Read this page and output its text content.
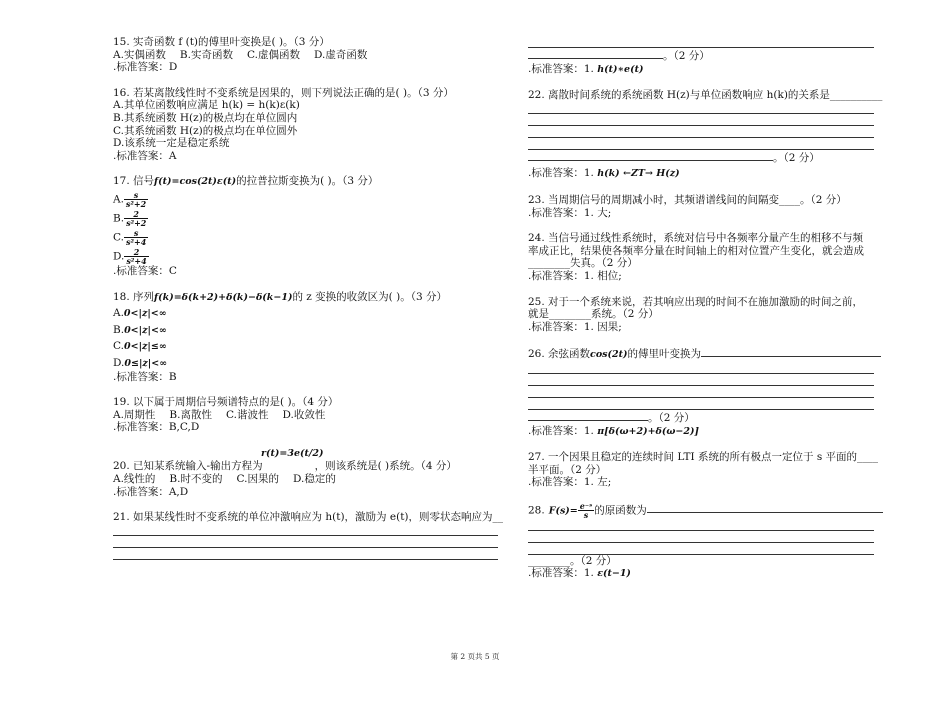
15. 实奇函数 f (t)的傅里叶变换是( )。（3 分）
A.实偶函数 B.实奇函数 C.虚偶函数 D.虚奇函数
.标准答案：D
16. 若某离散线性时不变系统是因果的，则下列说法正确的是( )。（3 分）
A.其单位函数响应满足 h(k) = h(k)ε(k)
B.其系统函数 H(z)的极点均在单位圆内
C.其系统函数 H(z)的极点均在单位圆外
D.该系统一定是稳定系统
.标准答案：A
17. 信号f(t)=cos(2t)ε(t)的拉普拉斯变换为( )。（3 分）
A. $\frac{s}{\text{s²+2}}$
B. $\frac{2}{\text{s²+2}}$
C. $\frac{s}{\text{s²+4}}$
D. $\frac{2}{\text{s²+4}}$
.标准答案：C
18. 序列f(k)=δ(k+2)+δ(k)−δ(k−1)的 z 变换的收敛区为( )。（3 分）
A.0<|z|<∞
B.0<|z|<∞
C.0<|z|≤∞
D.0≤|z|<∞
.标准答案：B
19. 以下属于周期信号频谱特点的是( )。（4 分）
A.周期性 B.离散性 C.谐波性 D.收敛性
.标准答案：B,C,D
r(t)=3e(t/2)
20. 已知某系统输入-输出方程为	，则该系统是( )系统。（4 分）
A.线性的 B.时不变的 C.因果的 D.稳定的
.标准答案：A,D
21. 如果某线性时不变系统的单位冲激响应为 h(t)，激励为 e(t)，则零状态响应为__
。（2 分）
.标准答案：1. h(t)∗e(t)
22. 离散时间系统的系统函数 H(z)与单位函数响应 h(k)的关系是__________
。（2 分）
.标准答案：1. h(k) ←ZT→ H(z)
23. 当周期信号的周期减小时，其频谱谱线间的间隔变____。（2 分）
.标准答案：1. 大;
24. 当信号通过线性系统时，系统对信号中各频率分量产生的相移不与频
率成正比，结果使各频率分量在时间轴上的相对位置产生变化，就会造成
________失真。（2 分）
.标准答案：1. 相位;
25. 对于一个系统来说，若其响应出现的时间不在施加激励的时间之前，
就是________系统。（2 分）
.标准答案：1. 因果;
26. 余弦函数cos(2t)的傅里叶变换为
。（2 分）
.标准答案：1. π[δ(ω+2)+δ(ω−2)]
27. 一个因果且稳定的连续时间 LTI 系统的所有极点一定位于 s 平面的____
半平面。（2 分）
.标准答案：1. 左;
28. $F(s)= \frac{\text{e⁻ˢ}}{s}$ 的原函数为
________。（2 分）
.标准答案：1. ε(t−1)
第 2 页共 5 页
